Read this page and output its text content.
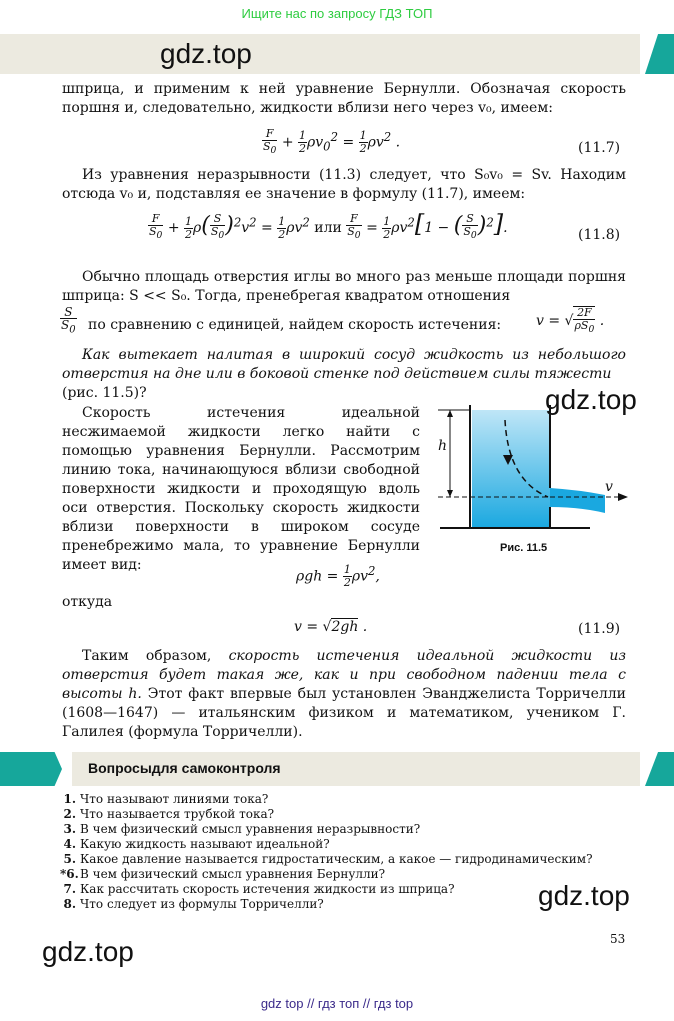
Ищите нас по запросу ГДЗ ТОП
gdz.top
шприца, и применим к ней уравнение Бернулли. Обозначая скорость поршня и, следовательно, жидкости вблизи него через v₀, имеем:
$\frac{F}{S_0} + \frac{1}{2} \rho v_0^2 = \frac{1}{2} \rho v^2$ .	(11.7)
Из уравнения неразрывности (11.3) следует, что S₀v₀ = Sv. Находим отсюда v₀ и, подставляя ее значение в формулу (11.7), имеем:
$\frac{F}{S_0} + \frac{1}{2} \rho( \frac{S}{S_0} )^2v^2 = \frac{1}{2} \rho v^2$ или $\frac{F}{S_0} = \frac{1}{2} \rho v^2[1$ − ( $\frac{S}{S_0} )^2$].	(11.8)
Обычно площадь отверстия иглы во много раз меньше площади поршня шприца: S << S₀. Тогда, пренебрегая квадратом отношения
$\frac{S}{S_0}$ по сравнению с единицей, найдем скорость истечения: v = √ $\frac{2F}{\rho S_0}$ .
Как вытекает налитая в широкий сосуд жидкость из небольшого отверстия на дне или в боковой стенке под действием силы тяжести
(рис. 11.5)?
Скорость истечения идеальной несжимаемой жидкости легко найти с помощью уравнения Бернулли. Рассмотрим линию тока, начинающуюся вблизи свободной поверхности жидкости и проходящую вдоль оси отверстия. Поскольку скорость жидкости вблизи поверхности в широком сосуде пренебрежимо мала, то уравнение Бернулли имеет вид:
h
v
Рис. 11.5
gdz.top
$\rho gh = \frac{1}{2} \rho v^2$,
откуда
v = √2gh .	(11.9)
Таким образом, скорость истечения идеальной жидкости из отверстия будет такая же, как и при свободном падении тела с высоты h. Этот факт впервые был установлен Эванджелиста Торричелли (1608—1647) — итальянским физиком и математиком, учеником Г. Галилея (формула Торричелли).
Вопросыдля самоконтроля
1. Что называют линиями тока?
2. Что называется трубкой тока?
3. В чем физический смысл уравнения неразрывности?
4. Какую жидкость называют идеальной?
5. Какое давление называется гидростатическим, а какое — гидродинамическим?
*6.В чем физический смысл уравнения Бернулли?
7. Как рассчитать скорость истечения жидкости из шприца?
8. Что следует из формулы Торричелли?	gdz.top
gdz.top	53
gdz top // гдз топ // гдз top
